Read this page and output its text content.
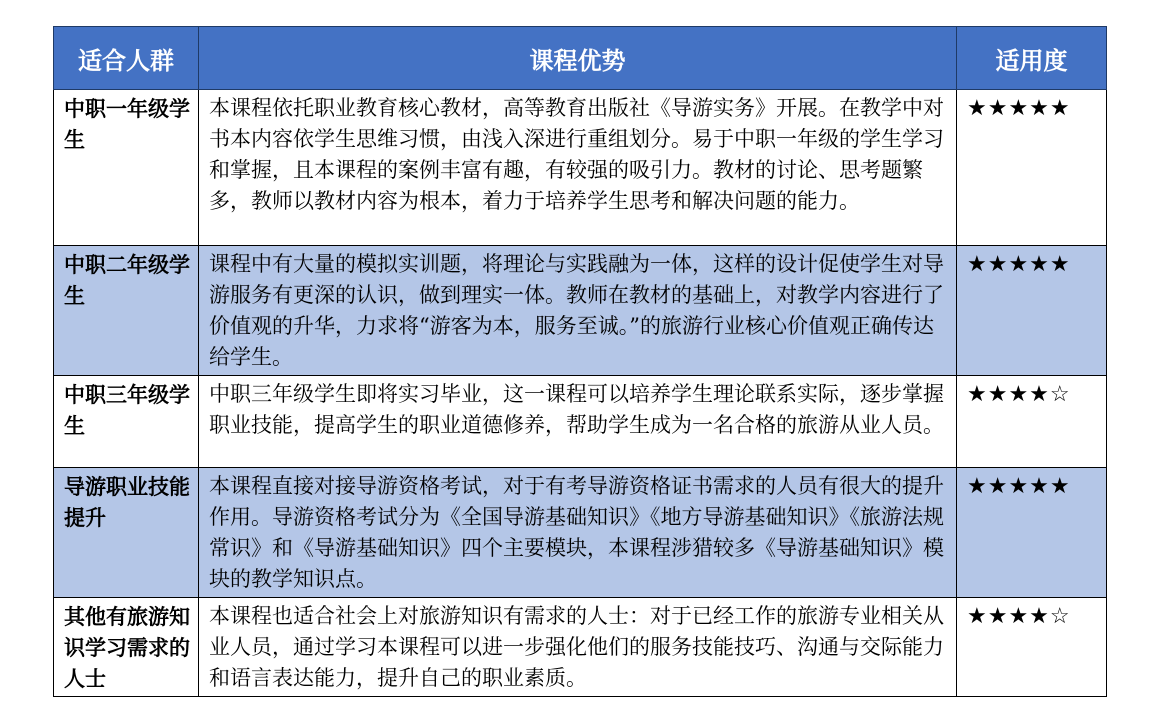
适合人群	课程优势	适用度
中职一年级学生	本课程依托职业教育核心教材，高等教育出版社《导游实务》开展。在教学中对书本内容依学生思维习惯，由浅入深进行重组划分。易于中职一年级的学生学习和掌握，且本课程的案例丰富有趣，有较强的吸引力。教材的讨论、思考题繁多，教师以教材内容为根本，着力于培养学生思考和解决问题的能力。	★★★★★
中职二年级学生	课程中有大量的模拟实训题，将理论与实践融为一体，这样的设计促使学生对导游服务有更深的认识，做到理实一体。教师在教材的基础上，对教学内容进行了价值观的升华，力求将“游客为本，服务至诚。”的旅游行业核心价值观正确传达给学生。	★★★★★
中职三年级学生	中职三年级学生即将实习毕业，这一课程可以培养学生理论联系实际，逐步掌握职业技能，提高学生的职业道德修养，帮助学生成为一名合格的旅游从业人员。	★★★★☆
导游职业技能提升	本课程直接对接导游资格考试，对于有考导游资格证书需求的人员有很大的提升作用。导游资格考试分为《全国导游基础知识》《地方导游基础知识》《旅游法规常识》和《导游基础知识》四个主要模块，本课程涉猎较多《导游基础知识》模块的教学知识点。	★★★★★
其他有旅游知识学习需求的人士	本课程也适合社会上对旅游知识有需求的人士：对于已经工作的旅游专业相关从业人员，通过学习本课程可以进一步强化他们的服务技能技巧、沟通与交际能力和语言表达能力，提升自己的职业素质。	★★★★☆
